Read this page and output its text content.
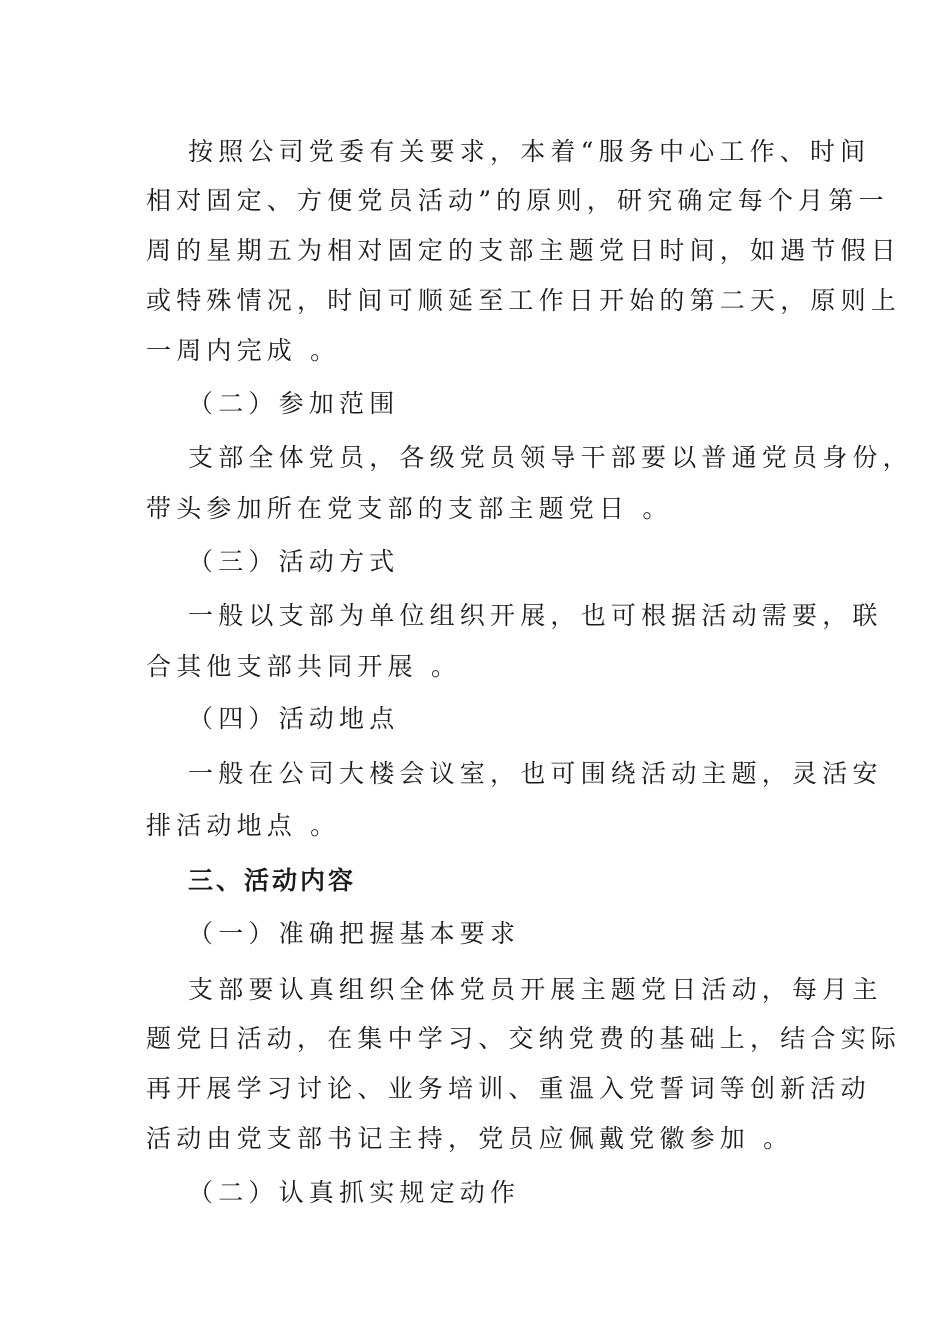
按照公司党委有关要求，本着“服务中心工作、时间
相对固定、方便党员活动”的原则，研究确定每个月第一
周的星期五为相对固定的支部主题党日时间，如遇节假日
或特殊情况，时间可顺延至工作日开始的第二天，原则上
一周内完成 。
（二）参加范围
支部全体党员，各级党员领导干部要以普通党员身份，
带头参加所在党支部的支部主题党日 。
（三）活动方式
一般以支部为单位组织开展，也可根据活动需要，联
合其他支部共同开展 。
（四）活动地点
一般在公司大楼会议室，也可围绕活动主题，灵活安
排活动地点 。
三、活动内容
（一）准确把握基本要求
支部要认真组织全体党员开展主题党日活动，每月主
题党日活动，在集中学习、交纳党费的基础上，结合实际
再开展学习讨论、业务培训、重温入党誓词等创新活动
活动由党支部书记主持，党员应佩戴党徽参加 。
（二）认真抓实规定动作
